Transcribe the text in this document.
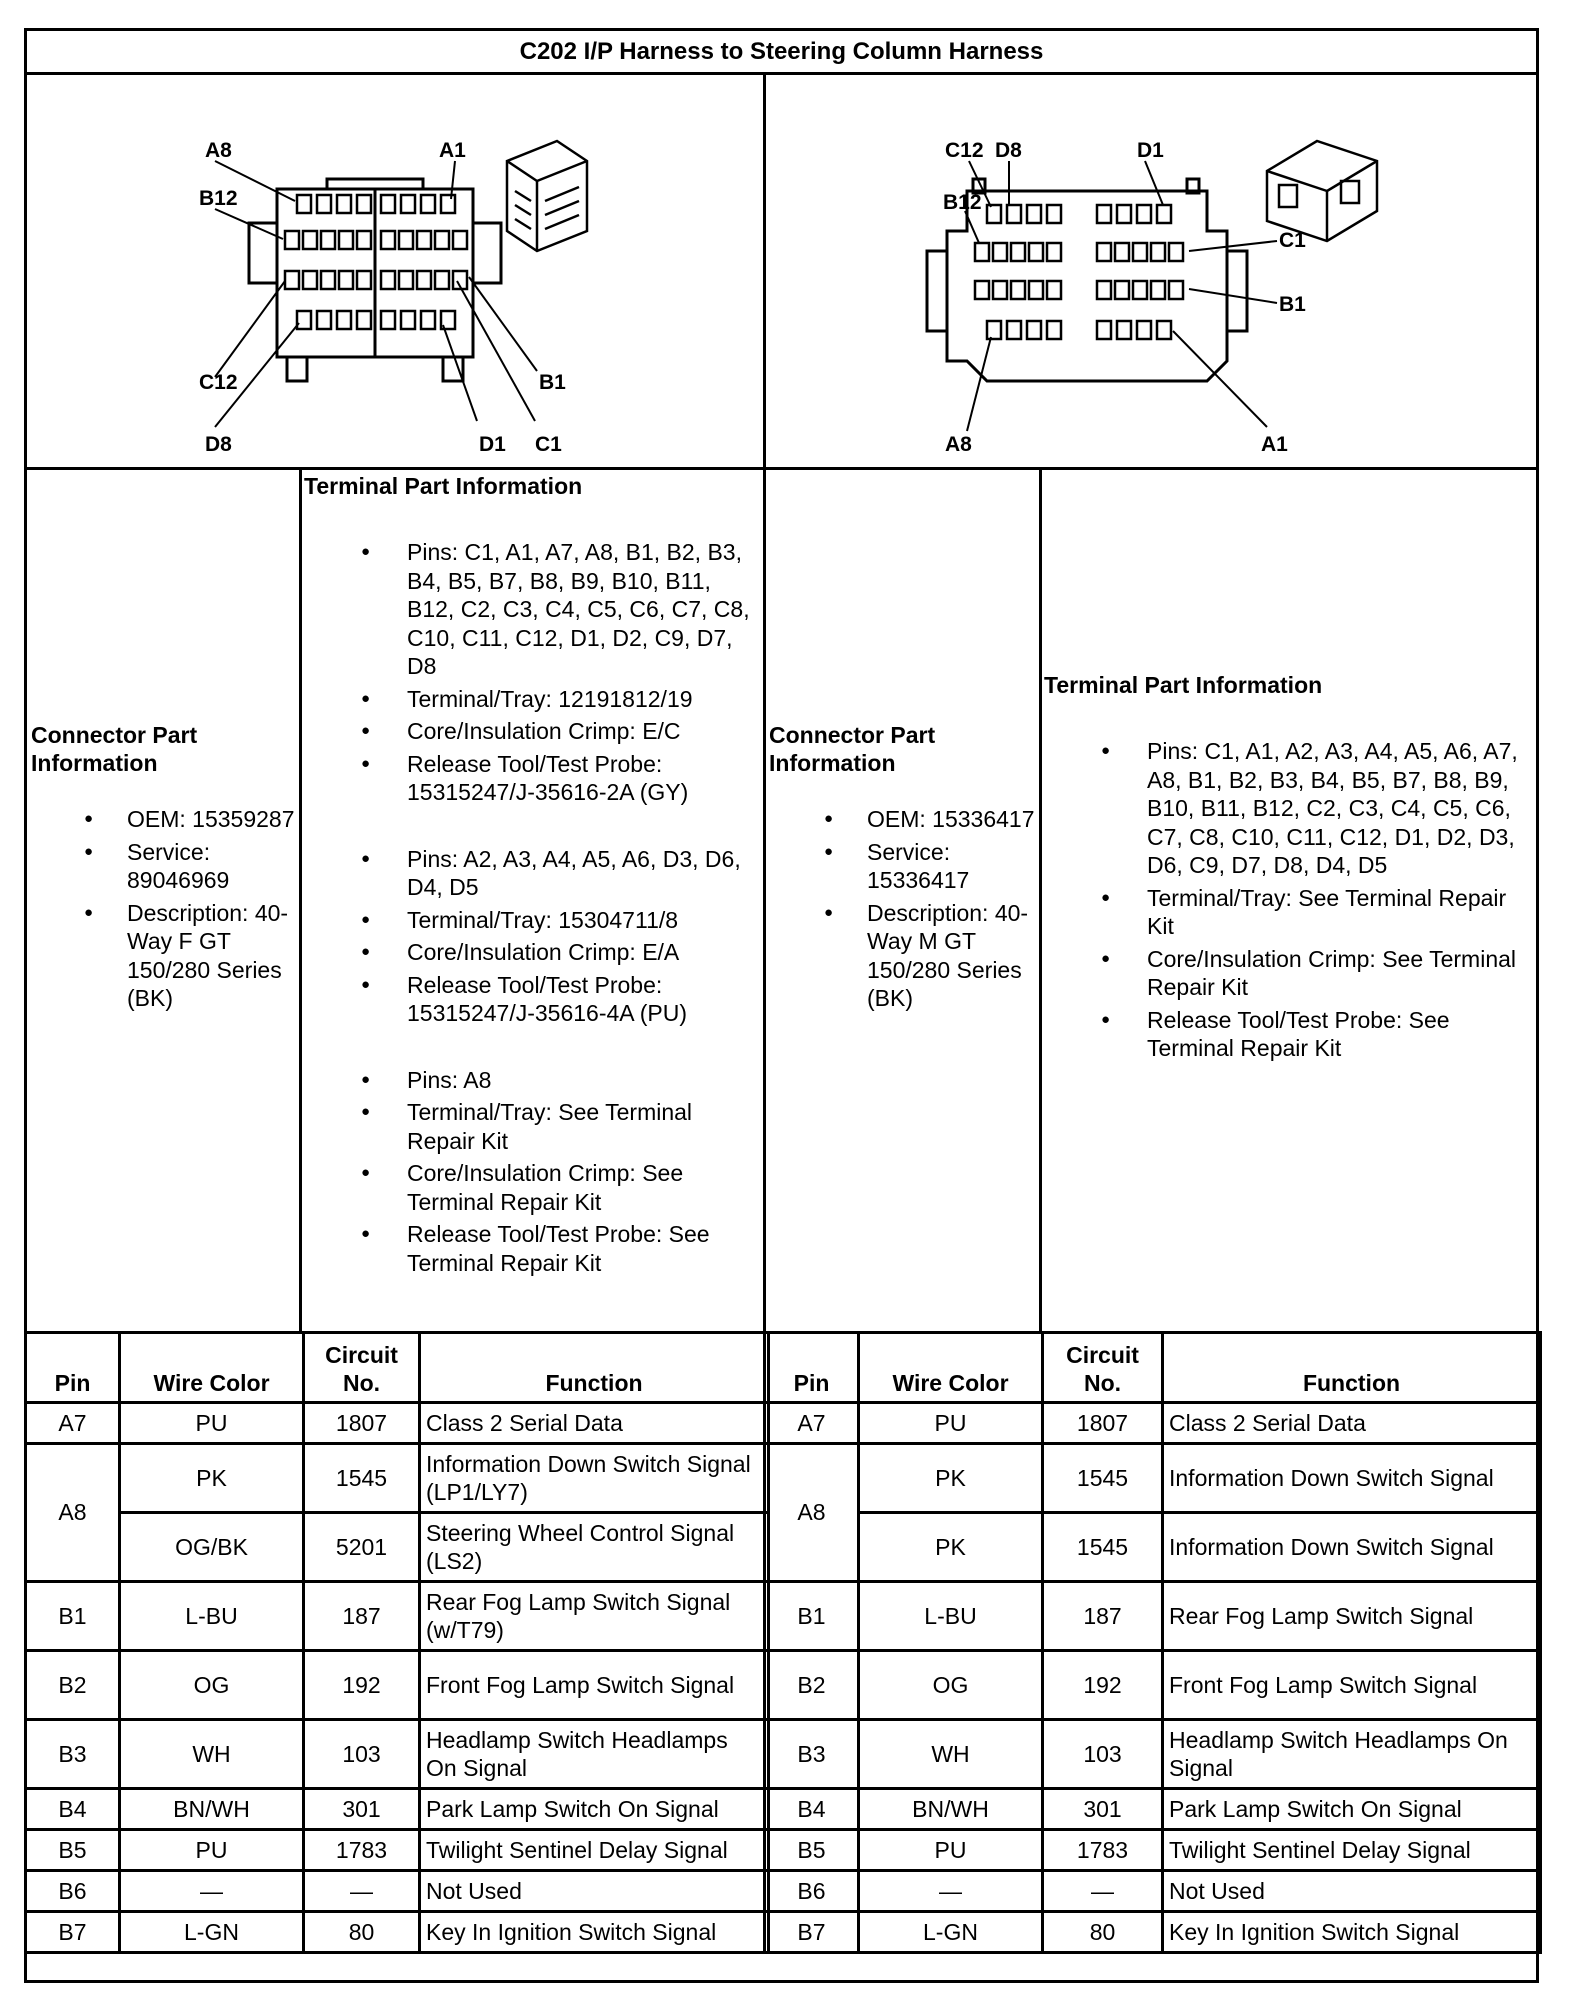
C202 I/P Harness to Steering Column Harness
A8	A1
B12
B1
C12
C1
D8	D1
C12 D8	D1
B12
C1
B1
A8	A1
Connector Part Information
● OEM: 15359287
● Service: 89046969
● Description: 40-Way F GT 150/280 Series (BK)
Terminal Part Information
● Pins: C1, A1, A7, A8, B1, B2, B3, B4, B5, B7, B8, B9, B10, B11, B12, C2, C3, C4, C5, C6, C7, C8, C10, C11, C12, D1, D2, C9, D7, D8
● Terminal/Tray: 12191812/19
● Core/Insulation Crimp: E/C
● Release Tool/Test Probe: 15315247/J-35616-2A (GY)
● Pins: A2, A3, A4, A5, A6, D3, D6, D4, D5
● Terminal/Tray: 15304711/8
● Core/Insulation Crimp: E/A
● Release Tool/Test Probe: 15315247/J-35616-4A (PU)
● Pins: A8
● Terminal/Tray: See Terminal Repair Kit
● Core/Insulation Crimp: See Terminal Repair Kit
● Release Tool/Test Probe: See Terminal Repair Kit
Connector Part Information
● OEM: 15336417
● Service: 15336417
● Description: 40-Way M GT 150/280 Series (BK)
Terminal Part Information
● Pins: C1, A1, A2, A3, A4, A5, A6, A7, A8, B1, B2, B3, B4, B5, B7, B8, B9, B10, B11, B12, C2, C3, C4, C5, C6, C7, C8, C10, C11, C12, D1, D2, D3, D6, C9, D7, D8, D4, D5
● Terminal/Tray: See Terminal Repair Kit
● Core/Insulation Crimp: See Terminal Repair Kit
● Release Tool/Test Probe: See Terminal Repair Kit
Pin	Wire Color	Circuit No.	Function
A7	PU	1807	Class 2 Serial Data
A8	PK	1545	Information Down Switch Signal (LP1/LY7)
	OG/BK	5201	Steering Wheel Control Signal (LS2)
B1	L-BU	187	Rear Fog Lamp Switch Signal (w/T79)
B2	OG	192	Front Fog Lamp Switch Signal
B3	WH	103	Headlamp Switch Headlamps On Signal
B4	BN/WH	301	Park Lamp Switch On Signal
B5	PU	1783	Twilight Sentinel Delay Signal
B6	—	—	Not Used
B7	L-GN	80	Key In Ignition Switch Signal
Pin	Wire Color	Circuit No.	Function
A7	PU	1807	Class 2 Serial Data
A8	PK	1545	Information Down Switch Signal
	PK	1545	Information Down Switch Signal
B1	L-BU	187	Rear Fog Lamp Switch Signal
B2	OG	192	Front Fog Lamp Switch Signal
B3	WH	103	Headlamp Switch Headlamps On Signal
B4	BN/WH	301	Park Lamp Switch On Signal
B5	PU	1783	Twilight Sentinel Delay Signal
B6	—	—	Not Used
B7	L-GN	80	Key In Ignition Switch Signal
